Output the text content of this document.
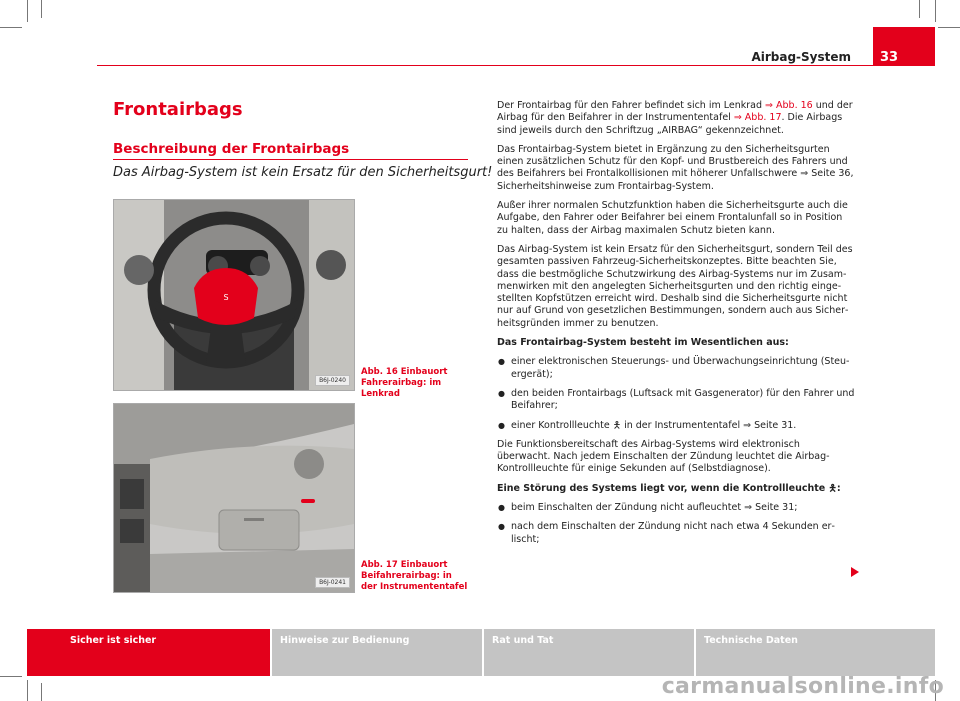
Airbag-System	33
Frontairbags
Beschreibung der Frontairbags
Das Airbag-System ist kein Ersatz für den Sicherheitsgurt!
S
B6J-0240
Abb. 16 Einbauort Fahrerairbag: im Lenkrad
B6J-0241
Abb. 17 Einbauort Beifahrerairbag: in der Instrumententafel

Der Frontairbag für den Fahrer befindet sich im Lenkrad ⇒ Abb. 16 und der Airbag für den Beifahrer in der Instrumententafel ⇒ Abb. 17. Die Airbags sind jeweils durch den Schriftzug „AIRBAG“ gekennzeichnet.

Das Frontairbag-System bietet in Ergänzung zu den Sicherheitsgurten einen zusätzlichen Schutz für den Kopf- und Brustbereich des Fahrers und des Beifahrers bei Frontalkollisionen mit höherer Unfallschwere ⇒ Seite 36, Sicherheitshinweise zum Frontairbag-System.

Außer ihrer normalen Schutzfunktion haben die Sicherheitsgurte auch die Aufgabe, den Fahrer oder Beifahrer bei einem Frontalunfall so in Position zu halten, dass der Airbag maximalen Schutz bieten kann.

Das Airbag-System ist kein Ersatz für den Sicherheitsgurt, sondern Teil des gesamten passiven Fahrzeug-Sicherheitskonzeptes. Bitte beachten Sie, dass die bestmögliche Schutzwirkung des Airbag-Systems nur im Zusammenwirken mit den angelegten Sicherheitsgurten und den richtig eingestellten Kopfstützen erreicht wird. Deshalb sind die Sicherheitsgurte nicht nur auf Grund von gesetzlichen Bestimmungen, sondern auch aus Sicherheitsgründen immer zu benutzen.

Das Frontairbag-System besteht im Wesentlichen aus:

● einer elektronischen Steuerungs- und Überwachungseinrichtung (Steuergerät);

● den beiden Frontairbags (Luftsack mit Gasgenerator) für den Fahrer und Beifahrer;

● einer Kontrollleuchte 🯅 in der Instrumententafel ⇒ Seite 31.

Die Funktionsbereitschaft des Airbag-Systems wird elektronisch überwacht. Nach jedem Einschalten der Zündung leuchtet die Airbag-Kontrollleuchte für einige Sekunden auf (Selbstdiagnose).

Eine Störung des Systems liegt vor, wenn die Kontrollleuchte 🯅:

● beim Einschalten der Zündung nicht aufleuchtet ⇒ Seite 31;

● nach dem Einschalten der Zündung nicht nach etwa 4 Sekunden erlischt;

Sicher ist sicher	Hinweise zur Bedienung	Rat und Tat	Technische Daten
carmanualsonline.info
